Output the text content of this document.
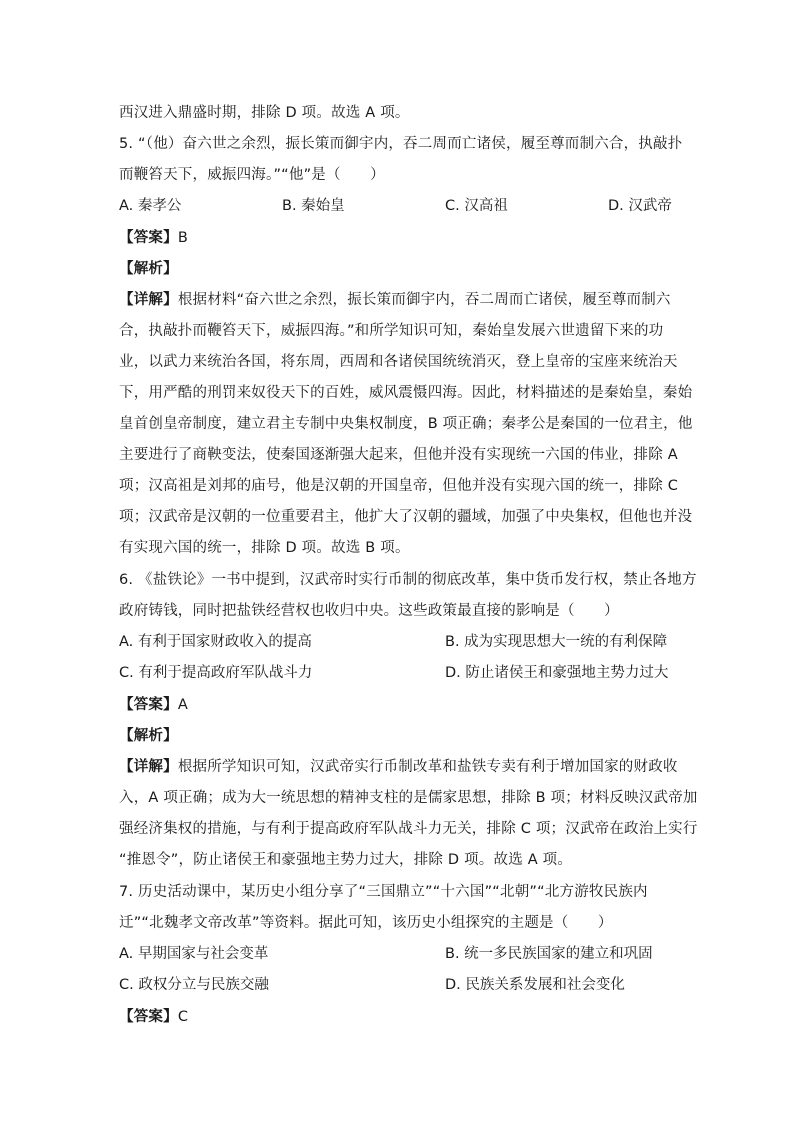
西汉进入鼎盛时期，排除 D 项。故选 A 项。
5. “（他）奋六世之余烈，振长策而御宇内，吞二周而亡诸侯，履至尊而制六合，执敲扑
而鞭笞天下，威振四海。”“他”是（　　）
A. 秦孝公	B. 秦始皇	C. 汉高祖	D. 汉武帝
【答案】B
【解析】
【详解】根据材料“奋六世之余烈，振长策而御宇内，吞二周而亡诸侯，履至尊而制六
合，执敲扑而鞭笞天下，威振四海。”和所学知识可知，秦始皇发展六世遗留下来的功
业，以武力来统治各国，将东周，西周和各诸侯国统统消灭，登上皇帝的宝座来统治天
下，用严酷的刑罚来奴役天下的百姓，威风震慑四海。因此，材料描述的是秦始皇，秦始
皇首创皇帝制度，建立君主专制中央集权制度，B 项正确；秦孝公是秦国的一位君主，他
主要进行了商鞅变法，使秦国逐渐强大起来，但他并没有实现统一六国的伟业，排除 A
项；汉高祖是刘邦的庙号，他是汉朝的开国皇帝，但他并没有实现六国的统一，排除 C
项；汉武帝是汉朝的一位重要君主，他扩大了汉朝的疆域，加强了中央集权，但他也并没
有实现六国的统一，排除 D 项。故选 B 项。
6. 《盐铁论》一书中提到，汉武帝时实行币制的彻底改革，集中货币发行权，禁止各地方
政府铸钱，同时把盐铁经营权也收归中央。这些政策最直接的影响是（　　）
A. 有利于国家财政收入的提高	B. 成为实现思想大一统的有利保障
C. 有利于提高政府军队战斗力	D. 防止诸侯王和豪强地主势力过大
【答案】A
【解析】
【详解】根据所学知识可知，汉武帝实行币制改革和盐铁专卖有利于增加国家的财政收
入，A 项正确；成为大一统思想的精神支柱的是儒家思想，排除 B 项；材料反映汉武帝加
强经济集权的措施，与有利于提高政府军队战斗力无关，排除 C 项；汉武帝在政治上实行
“推恩令”，防止诸侯王和豪强地主势力过大，排除 D 项。故选 A 项。
7. 历史活动课中，某历史小组分享了“三国鼎立”“十六国”“北朝”“北方游牧民族内
迁”“北魏孝文帝改革”等资料。据此可知，该历史小组探究的主题是（　　）
A. 早期国家与社会变革	B. 统一多民族国家的建立和巩固
C. 政权分立与民族交融	D. 民族关系发展和社会变化
【答案】C
